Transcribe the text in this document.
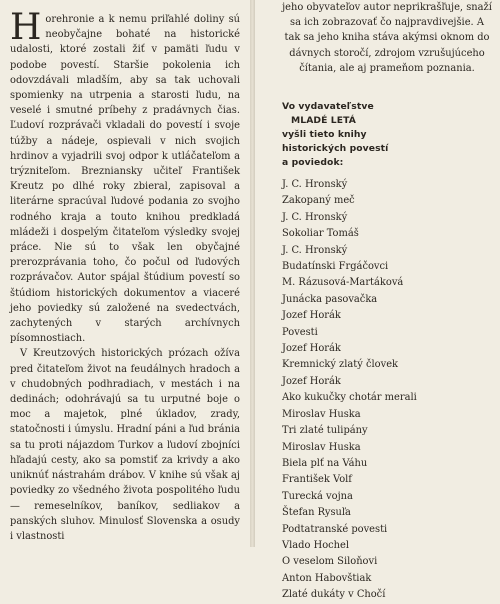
Horehronie a k nemu priľahlé doliny sú neobyčajne bohaté na historické udalosti, ktoré zostali žiť v pamäti ľudu v podobe povestí. Staršie pokolenia ich odovzdávali mladším, aby sa tak uchovali spomienky na utrpenia a starosti ľudu, na veselé i smutné príbehy z pradávnych čias. Ľudoví rozprávači vkladali do povestí i svoje túžby a nádeje, ospievali v nich svojich hrdinov a vyjadrili svoj odpor k utláčateľom a trýzniteľom. Brezniansky učiteľ František Kreutz po dlhé roky zbieral, zapisoval a literárne spracúval ľudové podania zo svojho rodného kraja a touto knihou predkladá mládeži i dospelým čitateľom výsledky svojej práce. Nie sú to však len obyčajné prerozprávania toho, čo počul od ľudových rozprávačov. Autor spájal štúdium povestí so štúdiom historických dokumentov a viaceré jeho poviedky sú založené na svedectvách, zachytených v starých archívnych písomnostiach.

V Kreutzových historických prózach ožíva pred čitateľom život na feudálnych hradoch a v chudobných podhradiach, v mestách i na dedinách; odohrávajú sa tu urputné boje o moc a majetok, plné úkladov, zrady, statočnosti i úmyslu. Hradní páni a ľud bránia sa tu proti nájazdom Turkov a ľudoví zbojníci hľadajú cesty, ako sa pomstiť za krivdy a ako uniknúť nástrahám drábov. V knihe sú však aj poviedky zo všedného života pospolitého ľudu — remeselníkov, baníkov, sedliakov a panských sluhov. Minulosť Slovenska a osudy i vlastnosti

jeho obyvateľov autor neprikrašľuje, snaží sa ich zobrazovať čo najpravdivejšie. A tak sa jeho kniha stáva akýmsi oknom do dávnych storočí, zdrojom vzrušujúceho čítania, ale aj prameňom poznania.

Vo vydavateľstve
MLADÉ LETÁ
vyšli tieto knihy
historických povestí
a poviedok:
J. C. Hronský
Zakopaný meč
J. C. Hronský
Sokoliar Tomáš
J. C. Hronský
Budatínski Frgáčovci
M. Rázusová-Martáková
Junácka pasovačka
Jozef Horák
Povesti
Jozef Horák
Kremnický zlatý človek
Jozef Horák
Ako kukučky chotár merali
Miroslav Huska
Tri zlaté tulipány
Miroslav Huska
Biela plť na Váhu
František Volf
Turecká vojna
Štefan Rysuľa
Podtatranské povesti
Vlado Hochel
O veselom Siloňovi
Anton Habovštiak
Zlaté dukáty v Chočí
